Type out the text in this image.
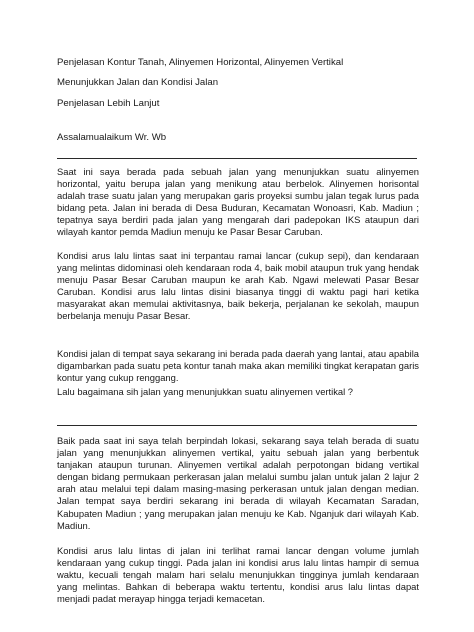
Penjelasan Kontur Tanah, Alinyemen Horizontal, Alinyemen Vertikal
Menunjukkan Jalan dan Kondisi Jalan
Penjelasan Lebih Lanjut
Assalamualaikum Wr. Wb

Saat ini saya berada pada sebuah jalan yang menunjukkan suatu alinyemen horizontal, yaitu berupa jalan yang menikung atau berbelok. Alinyemen horisontal adalah trase suatu jalan yang merupakan garis proyeksi sumbu jalan tegak lurus pada bidang peta. Jalan ini berada di Desa Buduran, Kecamatan Wonoasri, Kab. Madiun ; tepatnya saya berdiri pada jalan yang mengarah dari padepokan IKS ataupun dari wilayah kantor pemda Madiun menuju ke Pasar Besar Caruban.

Kondisi arus lalu lintas saat ini terpantau ramai lancar (cukup sepi), dan kendaraan yang melintas didominasi oleh kendaraan roda 4, baik mobil ataupun truk yang hendak menuju Pasar Besar Caruban maupun ke arah Kab. Ngawi melewati Pasar Besar Caruban. Kondisi arus lalu lintas disini biasanya tinggi di waktu pagi hari ketika masyarakat akan memulai aktivitasnya, baik bekerja, perjalanan ke sekolah, maupun berbelanja menuju Pasar Besar.

Kondisi jalan di tempat saya sekarang ini berada pada daerah yang lantai, atau apabila digambarkan pada suatu peta kontur tanah maka akan memiliki tingkat kerapatan garis kontur yang cukup renggang.

Lalu bagaimana sih jalan yang menunjukkan suatu alinyemen vertikal ?

Baik pada saat ini saya telah berpindah lokasi, sekarang saya telah berada di suatu jalan yang menunjukkan alinyemen vertikal, yaitu sebuah jalan yang berbentuk tanjakan ataupun turunan. Alinyemen vertikal adalah perpotongan bidang vertikal dengan bidang permukaan perkerasan jalan melalui sumbu jalan untuk jalan 2 lajur 2 arah atau melalui tepi dalam masing-masing perkerasan untuk jalan dengan median. Jalan tempat saya berdiri sekarang ini berada di wilayah Kecamatan Saradan, Kabupaten Madiun ; yang merupakan jalan menuju ke Kab. Nganjuk dari wilayah Kab. Madiun.

Kondisi arus lalu lintas di jalan ini terlihat ramai lancar dengan volume jumlah kendaraan yang cukup tinggi. Pada jalan ini kondisi arus lalu lintas hampir di semua waktu, kecuali tengah malam hari selalu menunjukkan tingginya jumlah kendaraan yang melintas. Bahkan di beberapa waktu tertentu, kondisi arus lalu lintas dapat menjadi padat merayap hingga terjadi kemacetan.
